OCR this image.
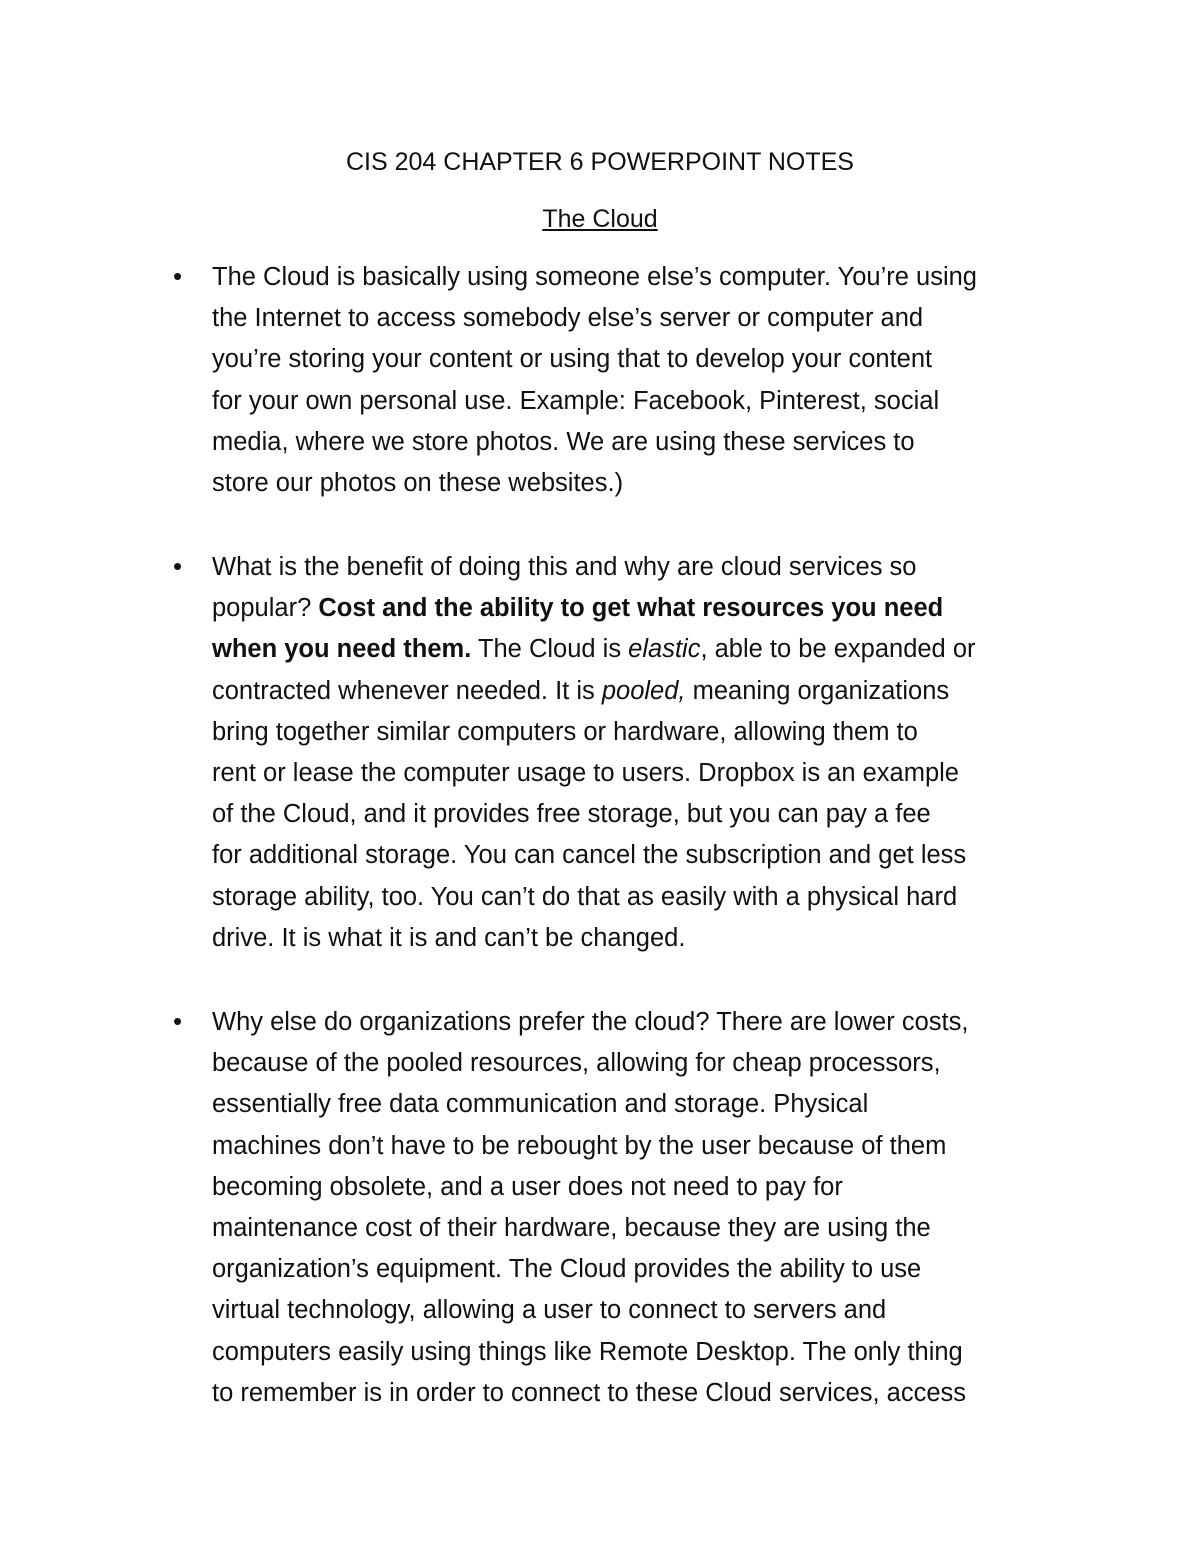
CIS 204 CHAPTER 6 POWERPOINT NOTES
The Cloud
•	The Cloud is basically using someone else’s computer. You’re using
the Internet to access somebody else’s server or computer and
you’re storing your content or using that to develop your content
for your own personal use. Example: Facebook, Pinterest, social
media, where we store photos. We are using these services to
store our photos on these websites.)

•	What is the benefit of doing this and why are cloud services so
popular? Cost and the ability to get what resources you need
when you need them. The Cloud is elastic, able to be expanded or
contracted whenever needed. It is pooled, meaning organizations
bring together similar computers or hardware, allowing them to
rent or lease the computer usage to users. Dropbox is an example
of the Cloud, and it provides free storage, but you can pay a fee
for additional storage. You can cancel the subscription and get less
storage ability, too. You can’t do that as easily with a physical hard
drive. It is what it is and can’t be changed.

•	Why else do organizations prefer the cloud? There are lower costs,
because of the pooled resources, allowing for cheap processors,
essentially free data communication and storage. Physical
machines don’t have to be rebought by the user because of them
becoming obsolete, and a user does not need to pay for
maintenance cost of their hardware, because they are using the
organization’s equipment. The Cloud provides the ability to use
virtual technology, allowing a user to connect to servers and
computers easily using things like Remote Desktop. The only thing
to remember is in order to connect to these Cloud services, access
